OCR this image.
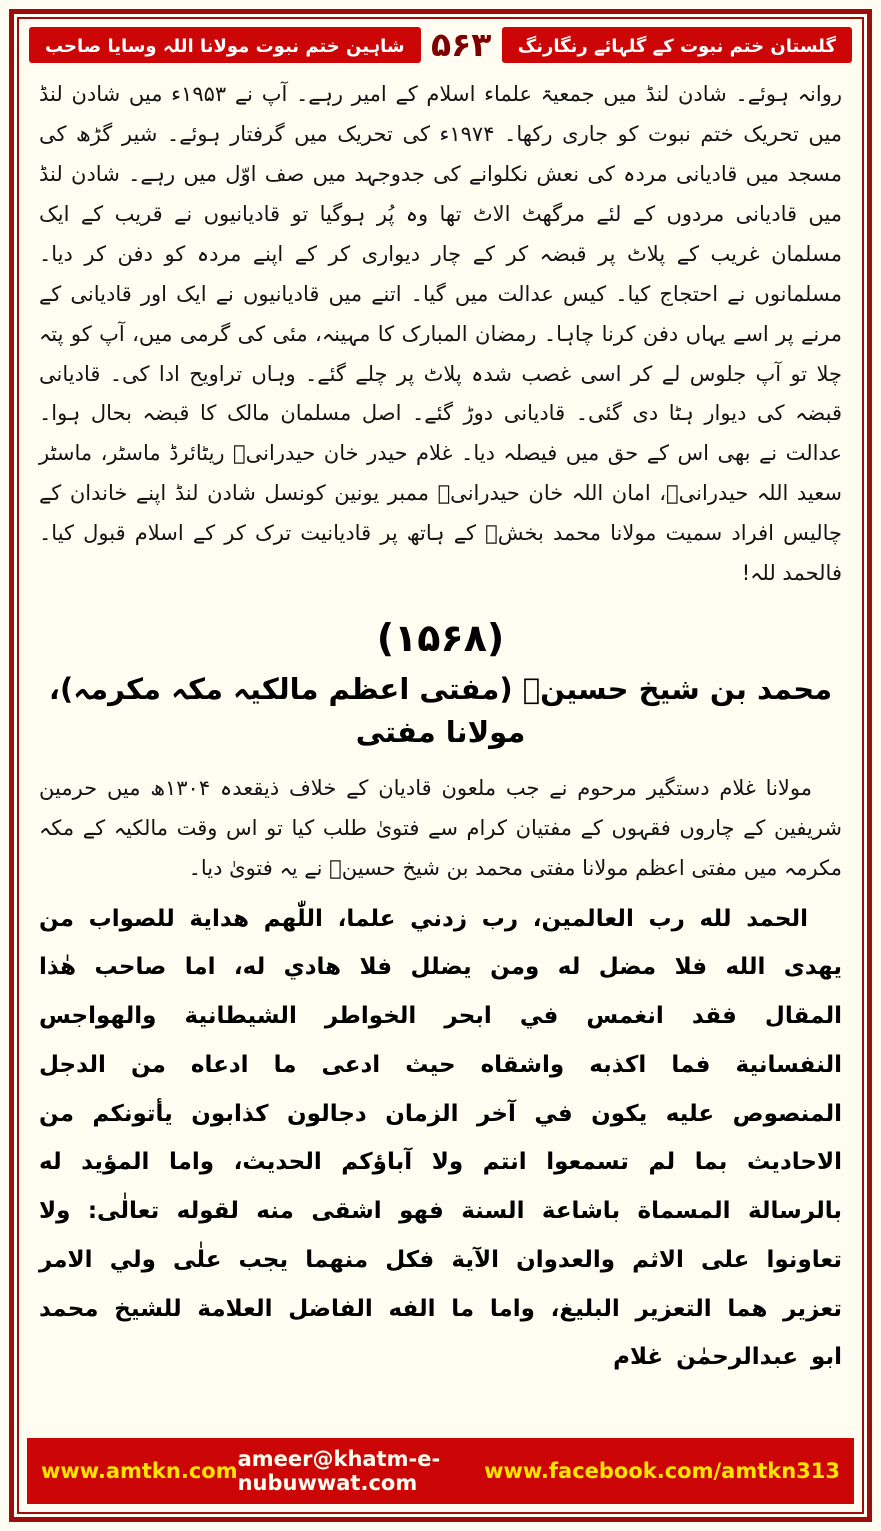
شاہین ختم نبوت مولانا اللہ وسایا صاحب ۵۶۳	گلستان ختم نبوت کے گلہائے رنگارنگ

روانہ ہوئے۔ شادن لنڈ میں جمعیۃ علماء اسلام کے امیر رہے۔ آپ نے ۱۹۵۳ء میں شادن لنڈ میں تحریک ختم نبوت کو جاری رکھا۔ ۱۹۷۴ء کی تحریک میں گرفتار ہوئے۔ شیر گڑھ کی مسجد میں قادیانی مردہ کی نعش نکلوانے کی جدوجہد میں صف اوّل میں رہے۔ شادن لنڈ میں قادیانی مردوں کے لئے مرگھٹ الاٹ تھا وہ پُر ہوگیا تو قادیانیوں نے قریب کے ایک مسلمان غریب کے پلاٹ پر قبضہ کر کے چار دیواری کر کے اپنے مردہ کو دفن کر دیا۔ مسلمانوں نے احتجاج کیا۔ کیس عدالت میں گیا۔ اتنے میں قادیانیوں نے ایک اور قادیانی کے مرنے پر اسے یہاں دفن کرنا چاہا۔ رمضان المبارک کا مہینہ، مئی کی گرمی میں، آپ کو پتہ چلا تو آپ جلوس لے کر اسی غصب شدہ پلاٹ پر چلے گئے۔ وہاں تراویح ادا کی۔ قادیانی قبضہ کی دیوار ہٹا دی گئی۔ قادیانی دوڑ گئے۔ اصل مسلمان مالک کا قبضہ بحال ہوا۔ عدالت نے بھی اس کے حق میں فیصلہ دیا۔ غلام حیدر خان حیدرانیؒ ریٹائرڈ ماسٹر، ماسٹر سعید اللہ حیدرانیؒ، امان اللہ خان حیدرانیؒ ممبر یونین کونسل شادن لنڈ اپنے خاندان کے چالیس افراد سمیت مولانا محمد بخشؒ کے ہاتھ پر قادیانیت ترک کر کے اسلام قبول کیا۔ فالحمد للہ!

(۱۵۶۸)
محمد بن شیخ حسینؒ (مفتی اعظم مالکیہ مکہ مکرمہ)، مولانا مفتی

مولانا غلام دستگیر مرحوم نے جب ملعون قادیان کے خلاف ذیقعدہ ۱۳۰۴ھ میں حرمین شریفین کے چاروں فقہوں کے مفتیان کرام سے فتویٰ طلب کیا تو اس وقت مالکیہ کے مکہ مکرمہ میں مفتی اعظم مولانا مفتی محمد بن شیخ حسینؒ نے یہ فتویٰ دیا۔

الحمد لله رب العالمين، رب زدني علما، اللّٰهم هداية للصواب من يهدى الله فلا مضل له ومن يضلل فلا هادي له، اما صاحب هٰذا المقال فقد انغمس في ابحر الخواطر الشيطانية والهواجس النفسانية فما اكذبه واشقاه حيث ادعى ما ادعاه من الدجل المنصوص عليه يكون في آخر الزمان دجالون كذابون يأتونكم من الاحاديث بما لم تسمعوا انتم ولا آباؤكم الحديث، واما المؤيد له بالرسالة المسماة باشاعة السنة فهو اشقى منه لقوله تعالٰى: ولا تعاونوا على الاثم والعدوان الآية فكل منهما يجب علٰى ولي الامر تعزير هما التعزير البليغ، واما ما الفه الفاضل العلامة للشيخ محمد ابو عبدالرحمٰن غلام

www.amtkn.com ameer@khatm-e-nubuwwat.com	www.facebook.com/amtkn313
